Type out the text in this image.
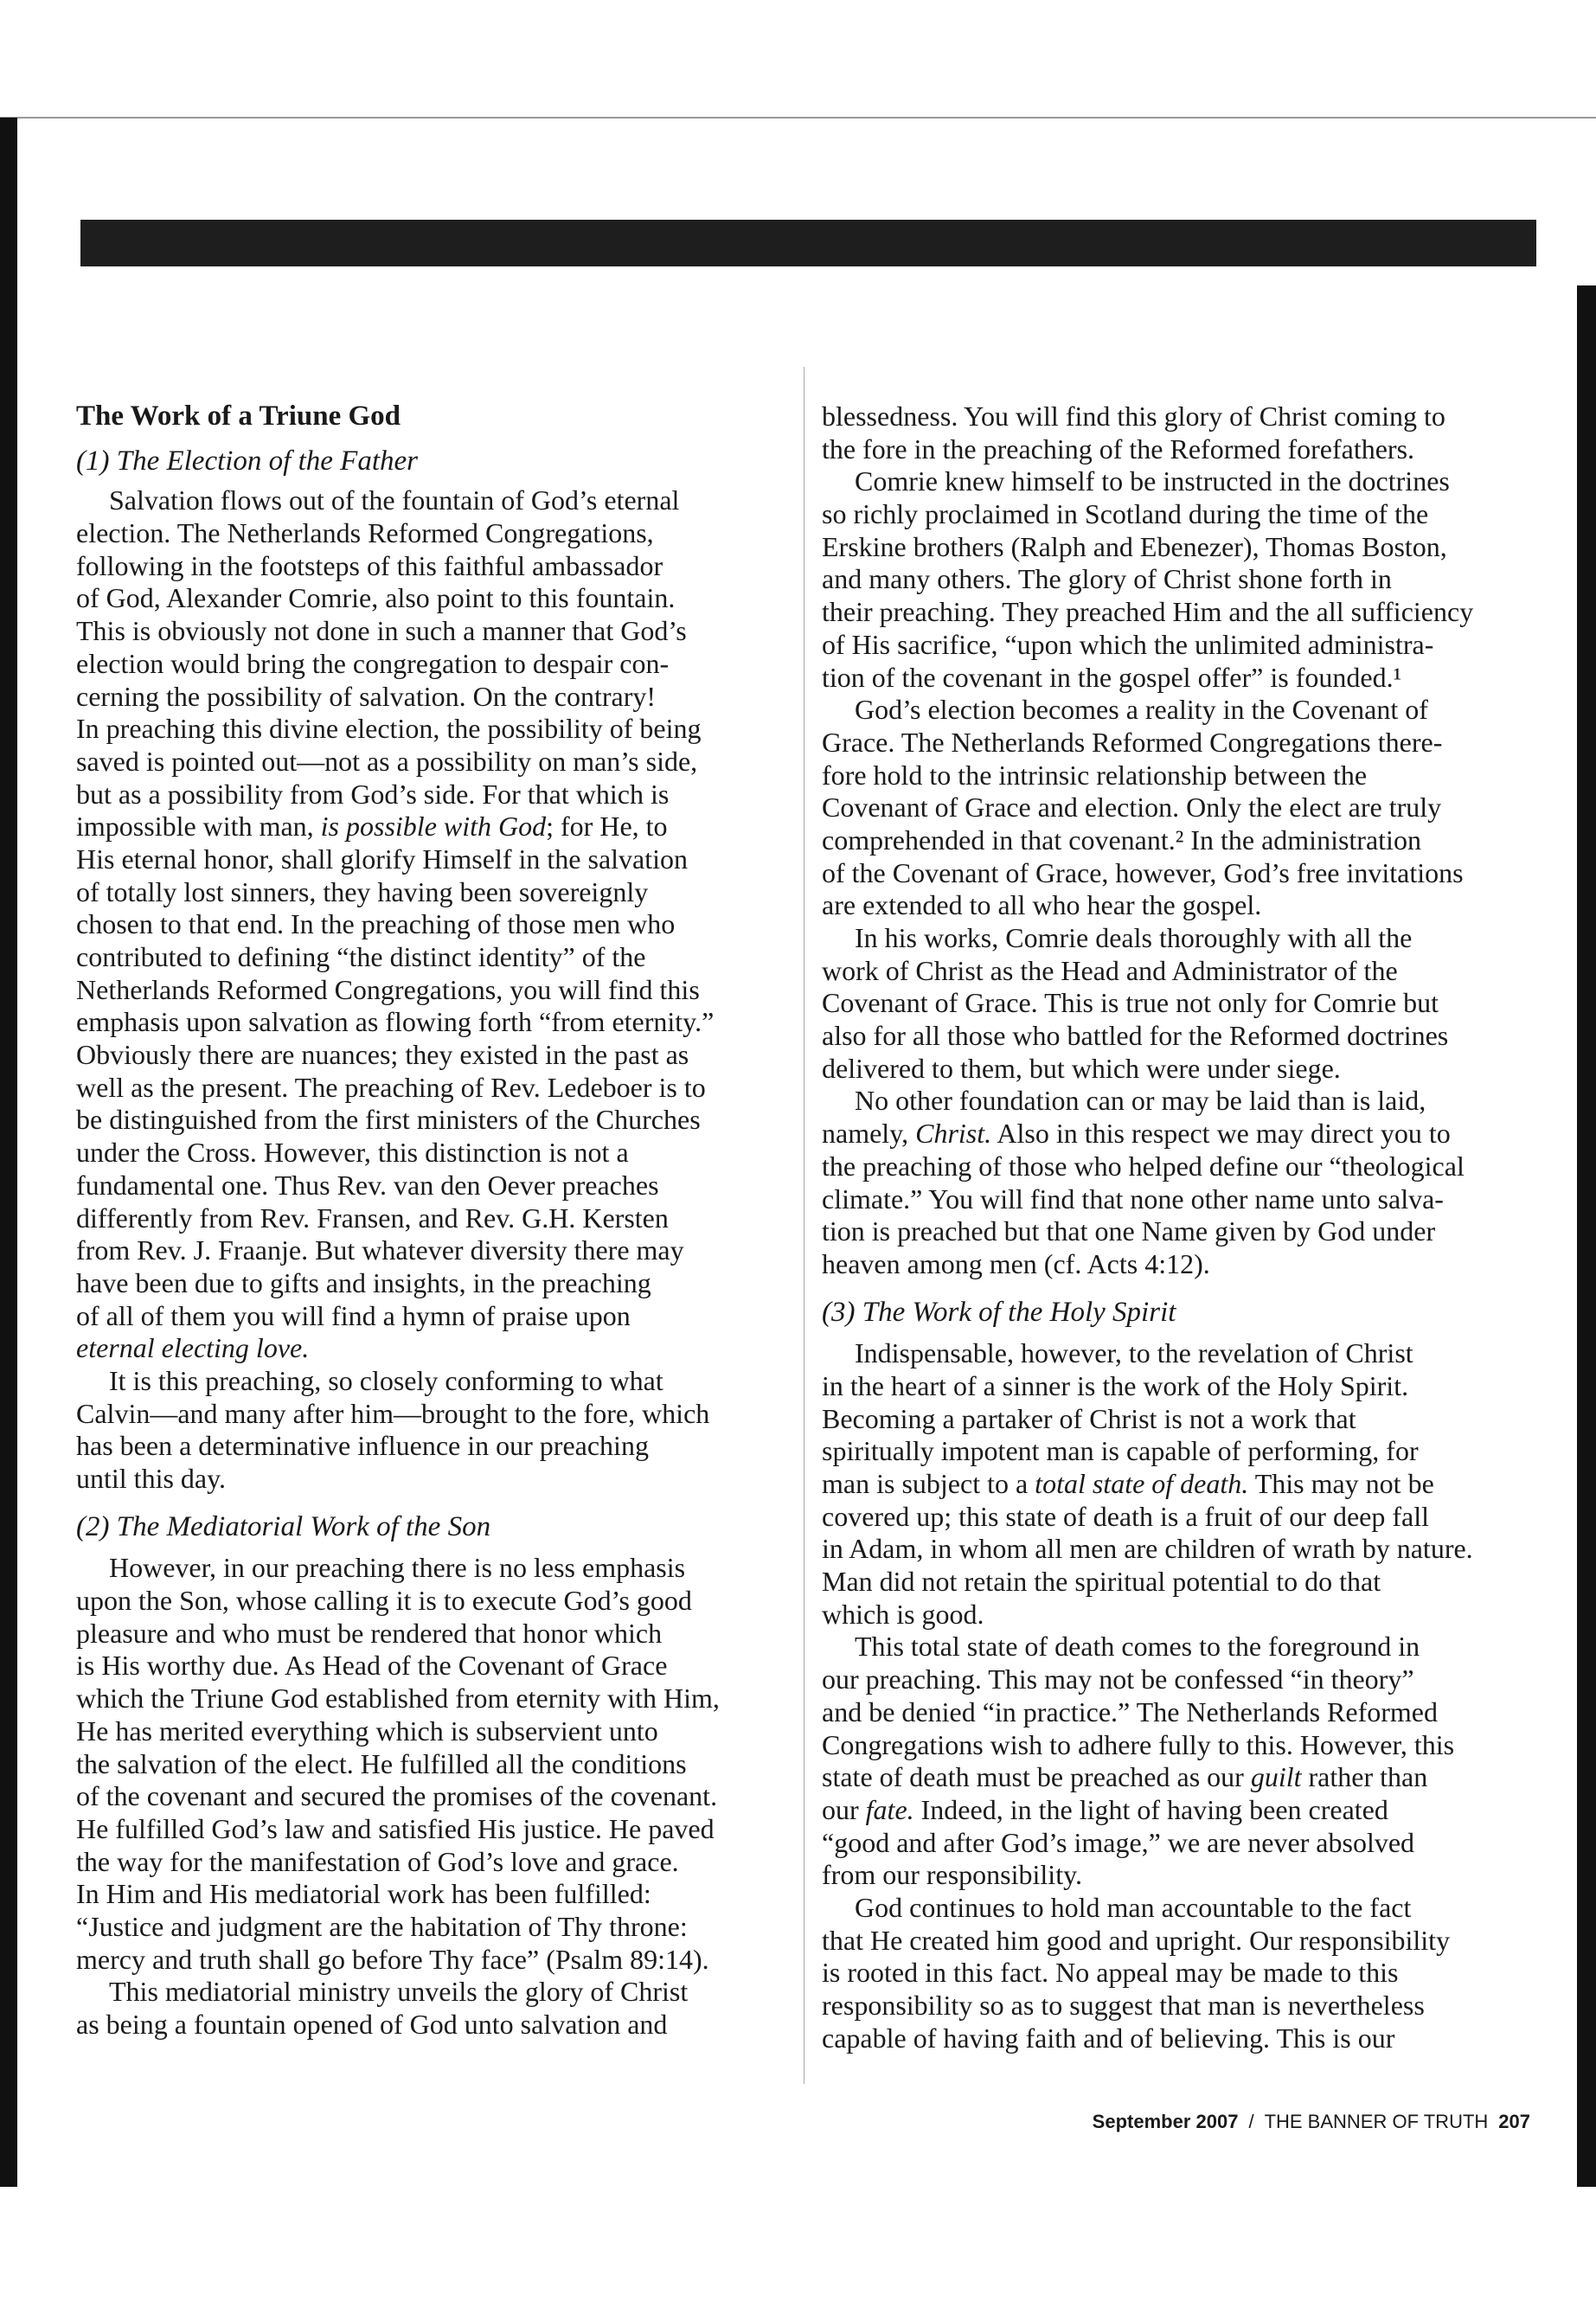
The Work of a Triune God
(1) The Election of the Father
Salvation flows out of the fountain of God’s eternal
election. The Netherlands Reformed Congregations,
following in the footsteps of this faithful ambassador
of God, Alexander Comrie, also point to this fountain.
This is obviously not done in such a manner that God’s
election would bring the congregation to despair con-
cerning the possibility of salvation. On the contrary!
In preaching this divine election, the possibility of being
saved is pointed out—not as a possibility on man’s side,
but as a possibility from God’s side. For that which is
impossible with man, is possible with God; for He, to
His eternal honor, shall glorify Himself in the salvation
of totally lost sinners, they having been sovereignly
chosen to that end. In the preaching of those men who
contributed to defining “the distinct identity” of the
Netherlands Reformed Congregations, you will find this
emphasis upon salvation as flowing forth “from eternity.”
Obviously there are nuances; they existed in the past as
well as the present. The preaching of Rev. Ledeboer is to
be distinguished from the first ministers of the Churches
under the Cross. However, this distinction is not a
fundamental one. Thus Rev. van den Oever preaches
differently from Rev. Fransen, and Rev. G.H. Kersten
from Rev. J. Fraanje. But whatever diversity there may
have been due to gifts and insights, in the preaching
of all of them you will find a hymn of praise upon
eternal electing love.
It is this preaching, so closely conforming to what
Calvin—and many after him—brought to the fore, which
has been a determinative influence in our preaching
until this day.
(2) The Mediatorial Work of the Son
However, in our preaching there is no less emphasis
upon the Son, whose calling it is to execute God’s good
pleasure and who must be rendered that honor which
is His worthy due. As Head of the Covenant of Grace
which the Triune God established from eternity with Him,
He has merited everything which is subservient unto
the salvation of the elect. He fulfilled all the conditions
of the covenant and secured the promises of the covenant.
He fulfilled God’s law and satisfied His justice. He paved
the way for the manifestation of God’s love and grace.
In Him and His mediatorial work has been fulfilled:
“Justice and judgment are the habitation of Thy throne:
mercy and truth shall go before Thy face” (Psalm 89:14).
This mediatorial ministry unveils the glory of Christ
as being a fountain opened of God unto salvation and
blessedness. You will find this glory of Christ coming to
the fore in the preaching of the Reformed forefathers.
Comrie knew himself to be instructed in the doctrines
so richly proclaimed in Scotland during the time of the
Erskine brothers (Ralph and Ebenezer), Thomas Boston,
and many others. The glory of Christ shone forth in
their preaching. They preached Him and the all sufficiency
of His sacrifice, “upon which the unlimited administra-
tion of the covenant in the gospel offer” is founded.¹
God’s election becomes a reality in the Covenant of
Grace. The Netherlands Reformed Congregations there-
fore hold to the intrinsic relationship between the
Covenant of Grace and election. Only the elect are truly
comprehended in that covenant.² In the administration
of the Covenant of Grace, however, God’s free invitations
are extended to all who hear the gospel.
In his works, Comrie deals thoroughly with all the
work of Christ as the Head and Administrator of the
Covenant of Grace. This is true not only for Comrie but
also for all those who battled for the Reformed doctrines
delivered to them, but which were under siege.
No other foundation can or may be laid than is laid,
namely, Christ. Also in this respect we may direct you to
the preaching of those who helped define our “theological
climate.” You will find that none other name unto salva-
tion is preached but that one Name given by God under
heaven among men (cf. Acts 4:12).
(3) The Work of the Holy Spirit
Indispensable, however, to the revelation of Christ
in the heart of a sinner is the work of the Holy Spirit.
Becoming a partaker of Christ is not a work that
spiritually impotent man is capable of performing, for
man is subject to a total state of death. This may not be
covered up; this state of death is a fruit of our deep fall
in Adam, in whom all men are children of wrath by nature.
Man did not retain the spiritual potential to do that
which is good.
This total state of death comes to the foreground in
our preaching. This may not be confessed “in theory”
and be denied “in practice.” The Netherlands Reformed
Congregations wish to adhere fully to this. However, this
state of death must be preached as our guilt rather than
our fate. Indeed, in the light of having been created
“good and after God’s image,” we are never absolved
from our responsibility.
God continues to hold man accountable to the fact
that He created him good and upright. Our responsibility
is rooted in this fact. No appeal may be made to this
responsibility so as to suggest that man is nevertheless
capable of having faith and of believing. This is our
September 2007 / THE BANNER OF TRUTH 207
